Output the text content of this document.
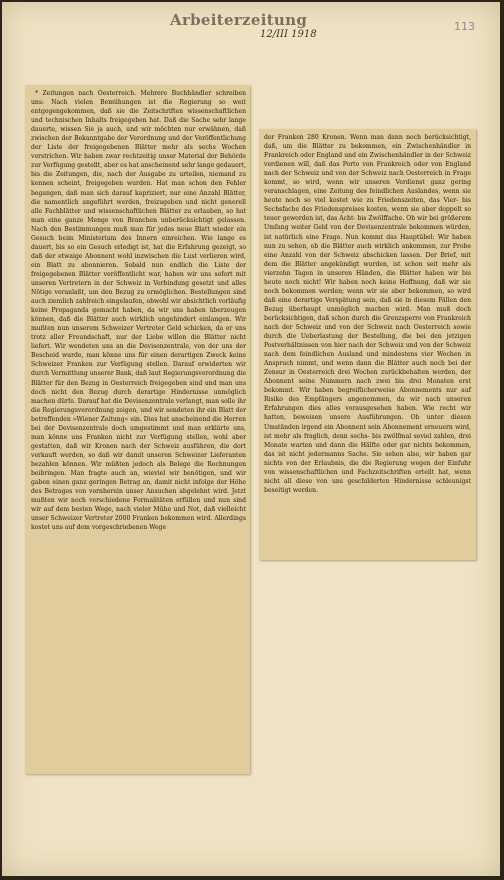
Arbeiterzeitung
12/III 1918
113

* Zeitungen nach Oesterreich. Mehrere Buchhändler schreiben uns: Nach vielen Bemühungen ist die Regierung so weit entgegengekommen, daß sie die Zeitschriften wissenschaftlichen und technischen Inhalts freigegeben hat. Daß die Sache sehr lange dauerte, wissen Sie ja auch, und wir möchten nur erwähnen, daß zwischen der Bekanntgabe der Verordnung und der Veröffentlichung der Liste der freigegebenen Blätter mehr als sechs Wochen verstrichen. Wir haben zwar rechtzeitig unser Material der Behörde zur Verfügung gestellt, aber es hat anscheinend sehr lange gedauert, bis die Zeitungen, die, nach der Ausgabe zu urteilen, niemand zu kennen scheint, freigegeben wurden. Hat man schon den Fehler begangen, daß man sich darauf kapriziert, nur eine Anzahl Blätter, die namentlich angeführt werden, freizugeben und nicht generell alle Fachblätter und wissenschaftlichen Blätter zu erlauben, so hat man eine ganze Menge von Branchen unberücksichtigt gelassen. Nach den Bestimmungen muß man für jedes neue Blatt wieder ein Gesuch beim Ministerium des Innern einreichen. Wie lange es dauert, bis so ein Gesuch erledigt ist, hat die Erfahrung gezeigt, so daß der etwaige Abonnent wohl inzwischen die Lust verlieren wird, ein Blatt zu abonnieren. Sobald nun endlich die Liste der freigegebenen Blätter veröffentlicht war, haben wir uns sofort mit unseren Vertretern in der Schweiz in Verbindung gesetzt und alles Nötige veranlaßt, um den Bezug zu ermöglichen. Bestellungen sind auch ziemlich zahlreich eingelaufen, obwohl wir absichtlich vorläufig keine Propaganda gemacht haben, da wir uns haben überzeugen können, daß die Blätter auch wirklich ungehindert einlangen. Wir mußten nun unserem Schweizer Vertreter Geld schicken, da er uns trotz aller Freundschaft, nur der Liebe willen die Blätter nicht liefert. Wir wendeten uns an die Devisenzentrale, von der uns der Bescheid wurde, man könne uns für einen derartigen Zweck keine Schweizer Franken zur Verfügung stellen. Darauf erwiderten wir durch Vermittlung unserer Bank, daß laut Regierungsverordnung die Blätter für den Bezug in Oesterreich freigegeben sind und man uns doch nicht den Bezug durch derartige Hindernisse unmöglich machen dürfe. Darauf hat die Devisenzentrale verlangt, man solle ihr die Regierungsverordnung zeigen, und wir sendeten ihr ein Blatt der betreffenden »Wiener Zeitung« ein. Dies hat anscheinend die Herren bei der Devisenzentrale doch umgestimmt und man erklärte uns, man könne uns Franken nicht zur Verfügung stellen, wohl aber gestatten, daß wir Kronen nach der Schweiz ausführen, die dort verkauft werden, so daß wir damit unseren Schweizer Lieferanten bezahlen können. Wir müßten jedoch als Belege die Rechnungen beibringen. Man fragte auch an, wieviel wir benötigen, und wir gaben einen ganz geringen Betrag an, damit nicht infolge der Höhe des Betrages von vornherein unser Ansuchen abgelehnt wird. Jetzt mußten wir noch verschiedene Formalitäten erfüllen und nun sind wir auf dem besten Wege, nach vieler Mühe und Not, daß vielleicht unser Schweizer Vertreter 2000 Franken bekommen wird. Allerdings kostet uns auf dem vorgeschriebenen Wege

der Franken 280 Kronen. Wenn man dann noch berücksichtigt, daß, um die Blätter zu bekommen, ein Zwischenhändler in Frankreich oder England und ein Zwischenhändler in der Schweiz verdienen will, daß das Porto von Frankreich oder von England nach der Schweiz und von der Schweiz nach Oesterreich in Frage kommt, so wird, wenn wir unseren Verdienst ganz gering veranschlagen, eine Zeitung des feindlichen Auslandes, wenn sie heute noch so viel kostet wie zu Friedenszeiten, das Vier- bis Sechsfache des Friedenspreises kosten, wenn sie aber doppelt so teuer geworden ist, das Acht- bis Zwölffache. Ob wir bei größerem Umfang weiter Geld von der Devisenzentrale bekommen würden, ist natürlich eine Frage. Nun kommt das Hauptübel: Wir haben nun zu sehen, ob die Blätter auch wirklich ankommen, zur Probe eine Anzahl von der Schweiz abschicken lassen. Der Brief, mit dem die Blätter angekündigt wurden, ist schon seit mehr als vierzehn Tagen in unseren Händen, die Blätter haben wir bis heute noch nicht! Wir haben noch keine Hoffnung, daß wir sie noch bekommen werden; wenn wir sie aber bekommen, so wird daß eine derartige Verspätung sein, daß sie in diesem Fällen den Bezug überhaupt unmöglich machen wird. Man muß doch berücksichtigen, daß schon durch die Grenzsperre von Frankreich nach der Schweiz und von der Schweiz nach Oesterreich sowie durch die Ueberlastung der Bestellung, die bei den jetzigen Postverhältnissen von hier nach der Schweiz und von der Schweiz nach dem feindlichen Ausland und mindestens vier Wochen in Anspruch nimmt, und wenn dann die Blätter auch noch bei der Zensur in Oesterreich drei Wochen zurückbehalten werden, der Abonnent seine Nummern nach zwei bis drei Monaten erst bekommt. Wir haben begreiflicherweise Abonnements nur auf Risiko des Empfängers angenommen, da wir nach unseren Erfahrungen dies alles vorausgesehen haben. Wie recht wir hatten, beweisen unsere Ausführungen. Ob unter diesen Umständen irgend ein Abonnent sein Abonnement erneuern wird, ist mehr als fraglich, denn sechs- bis zwölfmal soviel zahlen, drei Monate warten und dann die Hälfte oder gar nichts bekommen, das ist nicht jedermanns Sache. Sie sehen also, wir haben gar nichts von der Erlaubnis, die die Regierung wegen der Einfuhr von wissenschaftlichen und Fachzeitschriften erteilt hat, wenn nicht all diese von uns geschilderten Hindernisse schleunigst beseitigt werden.
